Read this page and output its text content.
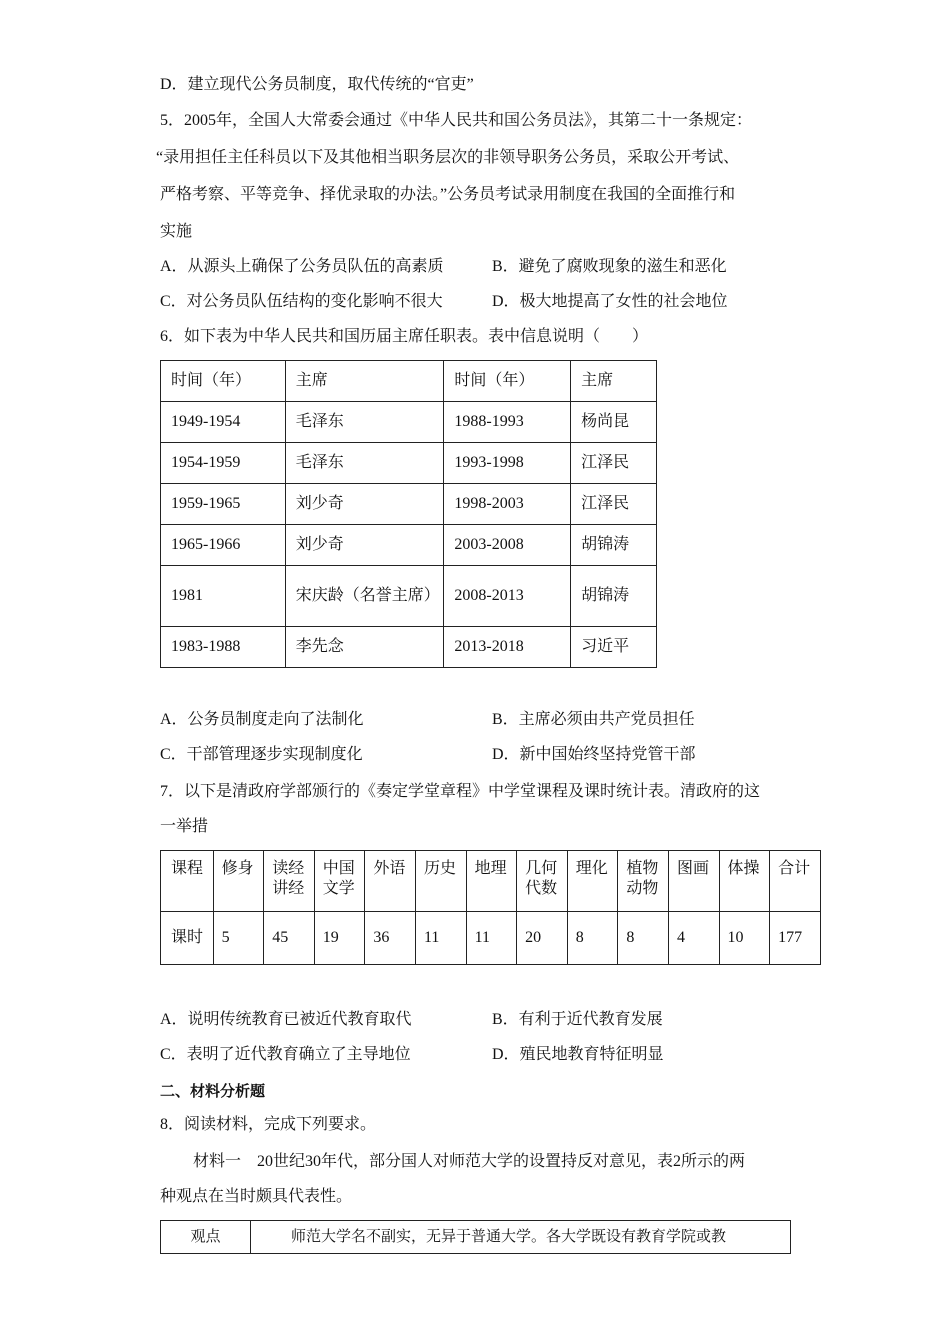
D．建立现代公务员制度，取代传统的“官吏”
5．2005年，全国人大常委会通过《中华人民共和国公务员法》，其第二十一条规定：
“录用担任主任科员以下及其他相当职务层次的非领导职务公务员，采取公开考试、
严格考察、平等竞争、择优录取的办法。”公务员考试录用制度在我国的全面推行和
实施
A．从源头上确保了公务员队伍的高素质	B．避免了腐败现象的滋生和恶化
C．对公务员队伍结构的变化影响不很大	D．极大地提高了女性的社会地位
6．如下表为中华人民共和国历届主席任职表。表中信息说明（　　）
时间（年）	主席	时间（年）	主席
1949-1954	毛泽东	1988-1993	杨尚昆
1954-1959	毛泽东	1993-1998	江泽民
1959-1965	刘少奇	1998-2003	江泽民
1965-1966	刘少奇	2003-2008	胡锦涛
1981	宋庆龄（名誉主席）	2008-2013	胡锦涛
1983-1988	李先念	2013-2018	习近平
A．公务员制度走向了法制化	B．主席必须由共产党员担任
C．干部管理逐步实现制度化	D．新中国始终坚持党管干部
7．以下是清政府学部颁行的《奏定学堂章程》中学堂课程及课时统计表。清政府的这
一举措
课程	修身	读经讲经	中国文学	外语	历史	地理	几何代数	理化	植物动物	图画	体操	合计

课时	5	45	19	36	11	11	20	8	8	4	10	177
A．说明传统教育已被近代教育取代	B．有利于近代教育发展
C．表明了近代教育确立了主导地位	D．殖民地教育特征明显
二、材料分析题
8．阅读材料，完成下列要求。
材料一　20世纪30年代，部分国人对师范大学的设置持反对意见，表2所示的两
种观点在当时颇具代表性。
观点	师范大学名不副实，无异于普通大学。各大学既设有教育学院或教
